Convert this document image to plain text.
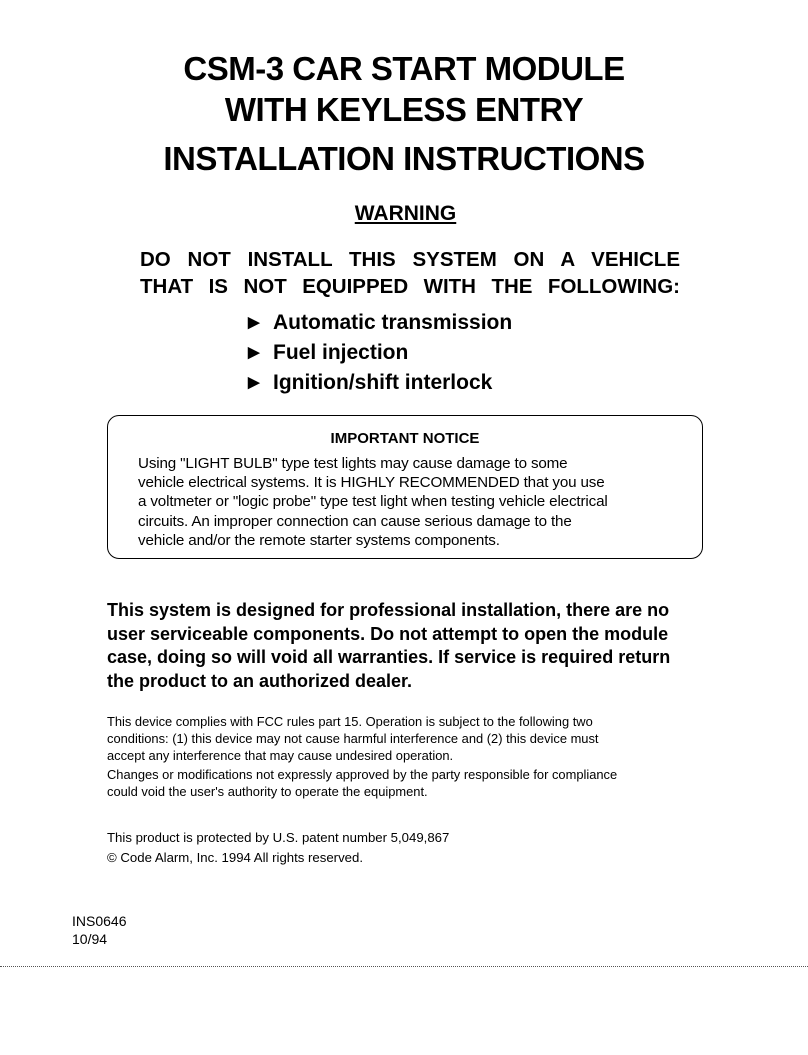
CSM-3 CAR START MODULE
WITH KEYLESS ENTRY
INSTALLATION INSTRUCTIONS
WARNING
DO NOT INSTALL THIS SYSTEM ON A VEHICLE
THAT IS NOT EQUIPPED WITH THE FOLLOWING:
▶ Automatic transmission
▶ Fuel injection
▶ Ignition/shift interlock
IMPORTANT NOTICE
Using "LIGHT BULB" type test lights may cause damage to some
vehicle electrical systems. It is HIGHLY RECOMMENDED that you use
a voltmeter or "logic probe" type test light when testing vehicle electrical
circuits. An improper connection can cause serious damage to the
vehicle and/or the remote starter systems components.
This system is designed for professional installation, there are no
user serviceable components. Do not attempt to open the module
case, doing so will void all warranties. If service is required return
the product to an authorized dealer.
This device complies with FCC rules part 15. Operation is subject to the following two
conditions: (1) this device may not cause harmful interference and (2) this device must
accept any interference that may cause undesired operation.
Changes or modifications not expressly approved by the party responsible for compliance
could void the user's authority to operate the equipment.
This product is protected by U.S. patent number 5,049,867
© Code Alarm, Inc. 1994 All rights reserved.
INS0646
10/94
